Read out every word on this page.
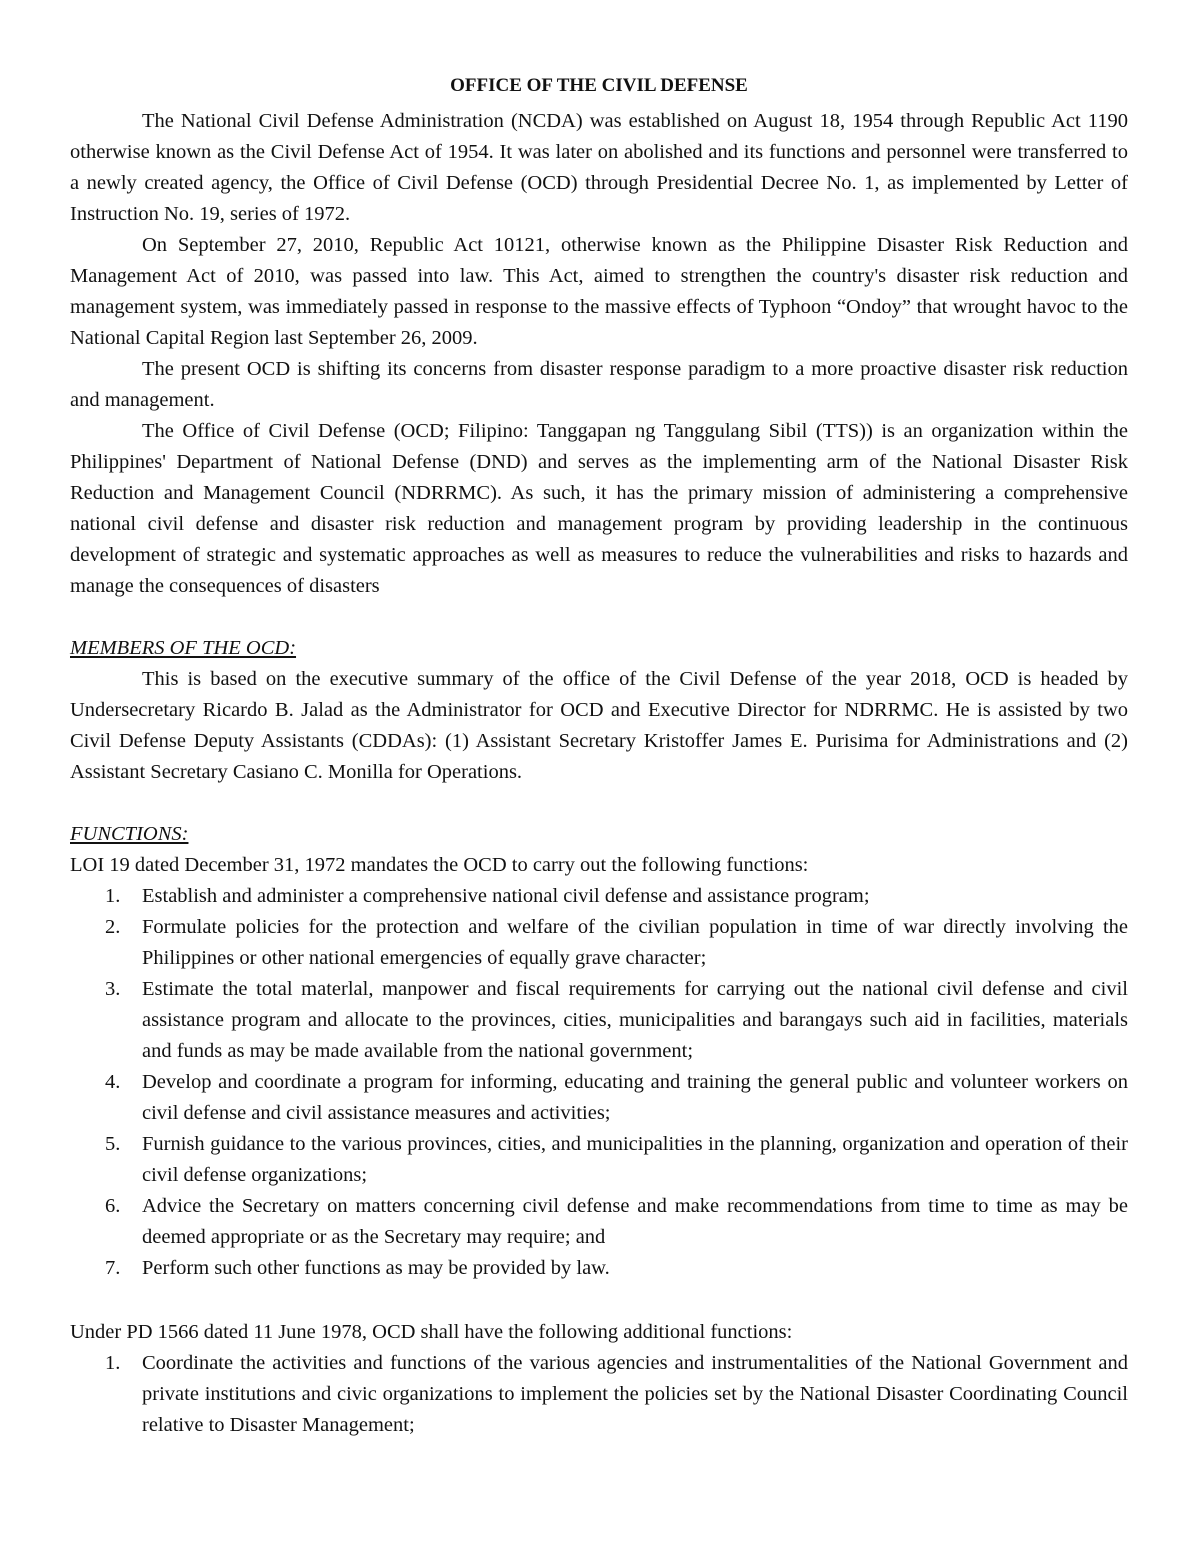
OFFICE OF THE CIVIL DEFENSE

The National Civil Defense Administration (NCDA) was established on August 18, 1954 through Republic Act 1190 otherwise known as the Civil Defense Act of 1954. It was later on abolished and its functions and personnel were transferred to a newly created agency, the Office of Civil Defense (OCD) through Presidential Decree No. 1, as implemented by Letter of Instruction No. 19, series of 1972.

On September 27, 2010, Republic Act 10121, otherwise known as the Philippine Disaster Risk Reduction and Management Act of 2010, was passed into law. This Act, aimed to strengthen the country's disaster risk reduction and management system, was immediately passed in response to the massive effects of Typhoon “Ondoy” that wrought havoc to the National Capital Region last September 26, 2009.

The present OCD is shifting its concerns from disaster response paradigm to a more proactive disaster risk reduction and management.

The Office of Civil Defense (OCD; Filipino: Tanggapan ng Tanggulang Sibil (TTS)) is an organization within the Philippines' Department of National Defense (DND) and serves as the implementing arm of the National Disaster Risk Reduction and Management Council (NDRRMC). As such, it has the primary mission of administering a comprehensive national civil defense and disaster risk reduction and management program by providing leadership in the continuous development of strategic and systematic approaches as well as measures to reduce the vulnerabilities and risks to hazards and manage the consequences of disasters

MEMBERS OF THE OCD:

This is based on the executive summary of the office of the Civil Defense of the year 2018, OCD is headed by Undersecretary Ricardo B. Jalad as the Administrator for OCD and Executive Director for NDRRMC. He is assisted by two Civil Defense Deputy Assistants (CDDAs): (1) Assistant Secretary Kristoffer James E. Purisima for Administrations and (2) Assistant Secretary Casiano C. Monilla for Operations.

FUNCTIONS:

LOI 19 dated December 31, 1972 mandates the OCD to carry out the following functions:

1. Establish and administer a comprehensive national civil defense and assistance program;
2. Formulate policies for the protection and welfare of the civilian population in time of war directly involving the Philippines or other national emergencies of equally grave character;
3. Estimate the total materlal, manpower and fiscal requirements for carrying out the national civil defense and civil assistance program and allocate to the provinces, cities, municipalities and barangays such aid in facilities, materials and funds as may be made available from the national government;
4. Develop and coordinate a program for informing, educating and training the general public and volunteer workers on civil defense and civil assistance measures and activities;
5. Furnish guidance to the various provinces, cities, and municipalities in the planning, organization and operation of their civil defense organizations;
6. Advice the Secretary on matters concerning civil defense and make recommendations from time to time as may be deemed appropriate or as the Secretary may require; and
7. Perform such other functions as may be provided by law.

Under PD 1566 dated 11 June 1978, OCD shall have the following additional functions:

1. Coordinate the activities and functions of the various agencies and instrumentalities of the National Government and private institutions and civic organizations to implement the policies set by the National Disaster Coordinating Council relative to Disaster Management;
